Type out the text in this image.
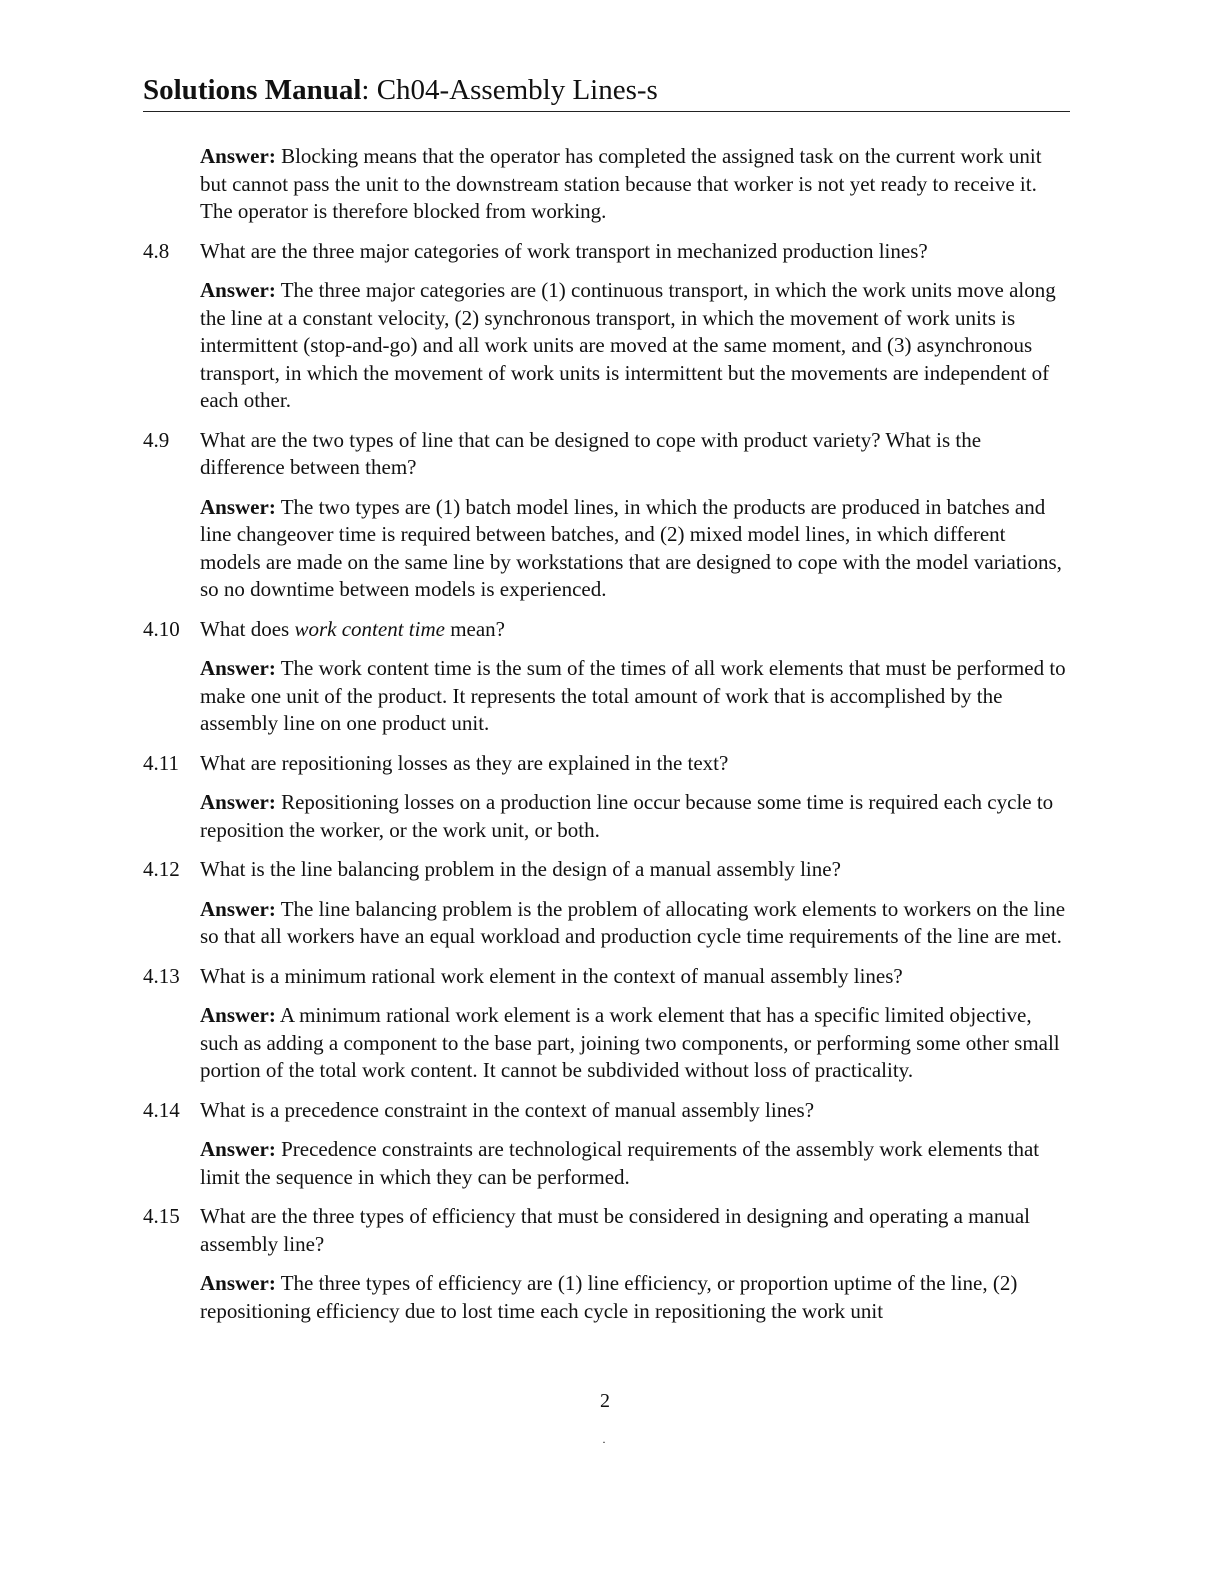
Solutions Manual: Ch04-Assembly Lines-s
Answer: Blocking means that the operator has completed the assigned task on the current work unit but cannot pass the unit to the downstream station because that worker is not yet ready to receive it. The operator is therefore blocked from working.
4.8	What are the three major categories of work transport in mechanized production lines?
Answer: The three major categories are (1) continuous transport, in which the work units move along the line at a constant velocity, (2) synchronous transport, in which the movement of work units is intermittent (stop-and-go) and all work units are moved at the same moment, and (3) asynchronous transport, in which the movement of work units is intermittent but the movements are independent of each other.
4.9	What are the two types of line that can be designed to cope with product variety? What is the difference between them?
Answer: The two types are (1) batch model lines, in which the products are produced in batches and line changeover time is required between batches, and (2) mixed model lines, in which different models are made on the same line by workstations that are designed to cope with the model variations, so no downtime between models is experienced.
4.10 What does work content time mean?
Answer: The work content time is the sum of the times of all work elements that must be performed to make one unit of the product. It represents the total amount of work that is accomplished by the assembly line on one product unit.
4.11	What are repositioning losses as they are explained in the text?
Answer: Repositioning losses on a production line occur because some time is required each cycle to reposition the worker, or the work unit, or both.
4.12 What is the line balancing problem in the design of a manual assembly line?
Answer: The line balancing problem is the problem of allocating work elements to workers on the line so that all workers have an equal workload and production cycle time requirements of the line are met.
4.13 What is a minimum rational work element in the context of manual assembly lines?
Answer: A minimum rational work element is a work element that has a specific limited objective, such as adding a component to the base part, joining two components, or performing some other small portion of the total work content. It cannot be subdivided without loss of practicality.
4.14 What is a precedence constraint in the context of manual assembly lines?
Answer: Precedence constraints are technological requirements of the assembly work elements that limit the sequence in which they can be performed.
4.15 What are the three types of efficiency that must be considered in designing and operating a manual assembly line?
Answer: The three types of efficiency are (1) line efficiency, or proportion uptime of the line, (2) repositioning efficiency due to lost time each cycle in repositioning the work unit
2
.
